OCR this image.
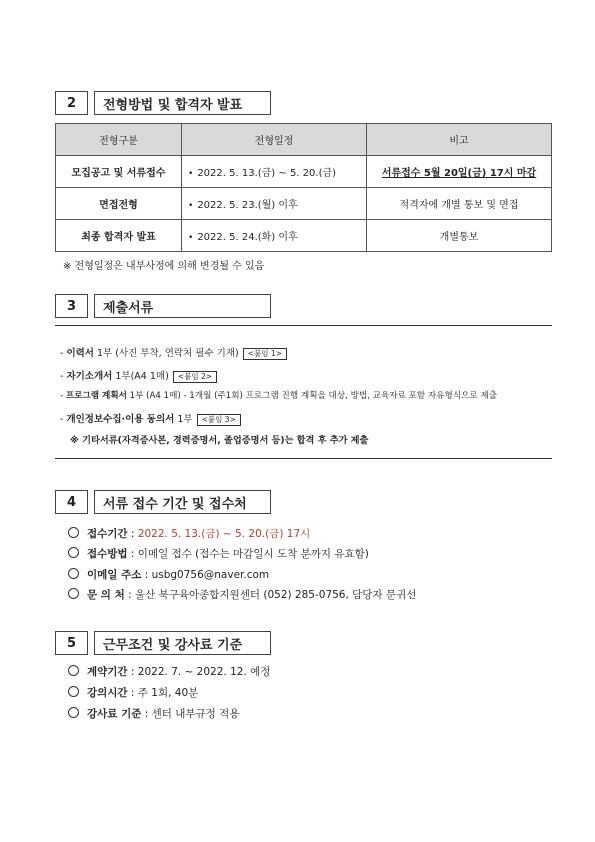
2	전형방법 및 합격자 발표
전형구분	전형일정	비고
모집공고 및 서류접수	• 2022. 5. 13.(금) ~ 5. 20.(금)	서류접수 5월 20일(금) 17시 마감
면접전형	• 2022. 5. 23.(월) 이후	적격자에 개별 통보 및 면접
최종 합격자 발표	• 2022. 5. 24.(화) 이후	개별통보
※ 전형일정은 내부사정에 의해 변경될 수 있음
3	제출서류
- 이력서 1부 (사진 부착, 연락처 필수 기재) <붙임 1>
- 자기소개서 1부(A4 1매) <붙임 2>
- 프로그램 계획서 1부 (A4 1매) - 1개월 (주1회) 프로그램 진행 계획을 대상, 방법, 교육자료 포함 자유형식으로 제출
- 개인정보수집·이용 동의서 1부 <붙임 3>
※ 기타서류(자격증사본, 경력증명서, 졸업증명서 등)는 합격 후 추가 제출
4	서류 접수 기간 및 접수처
접수기간 : 2022. 5. 13.(금) ~ 5. 20.(금) 17시
접수방법 : 이메일 접수 (접수는 마감일시 도착 분까지 유효함)
이메일 주소 : usbg0756@naver.com
문 의 처 : 울산 북구육아종합지원센터 (052) 285-0756, 담당자 문귀선
5	근무조건 및 강사료 기준
계약기간 : 2022. 7. ~ 2022. 12. 예정
강의시간 : 주 1회, 40분
강사료 기준 : 센터 내부규정 적용
